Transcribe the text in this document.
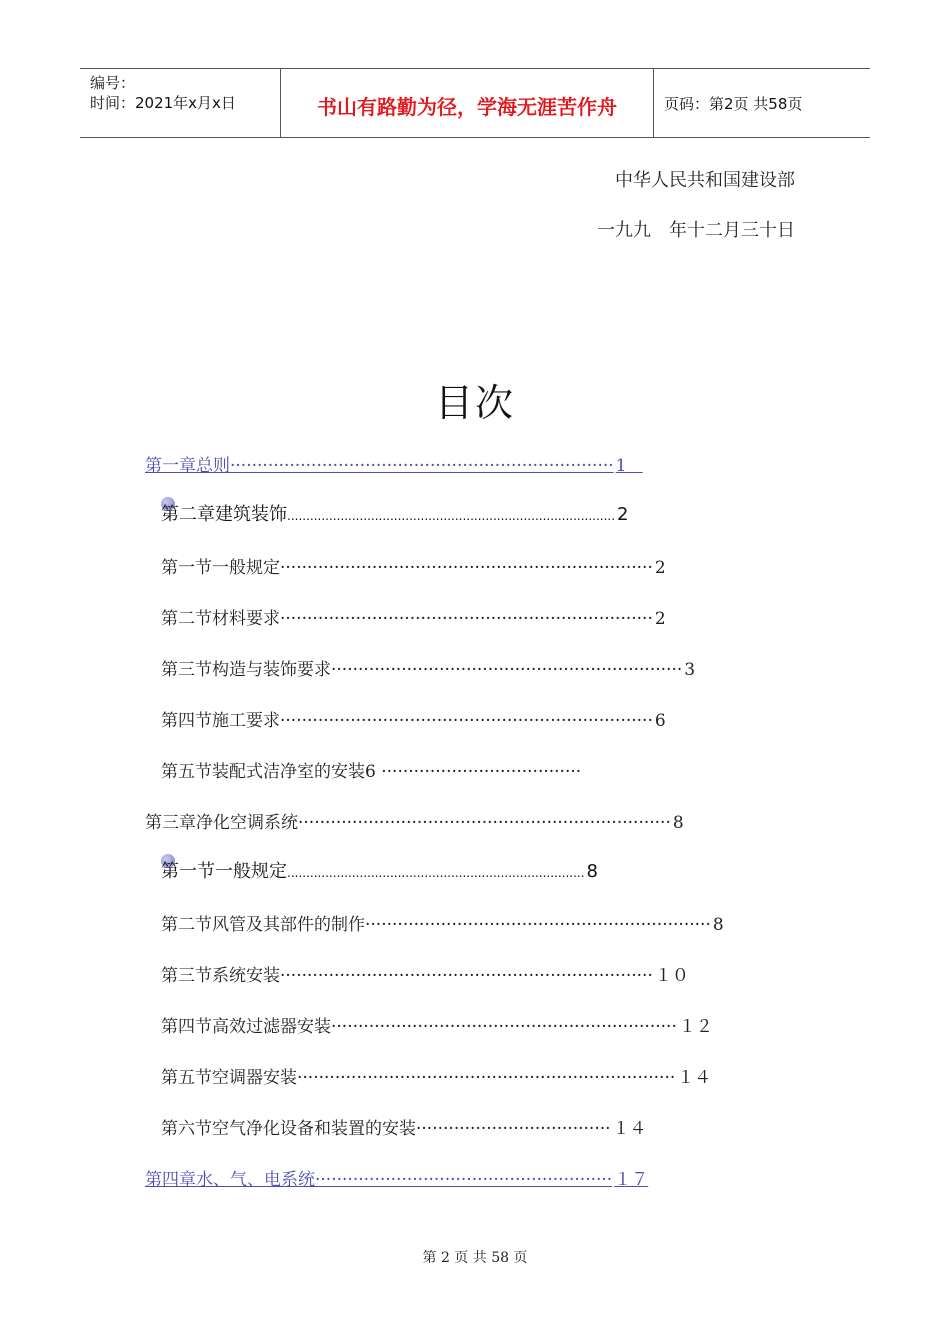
编号：
时间：2021年x月x日	书山有路勤为径，学海无涯苦作舟	页码：第2页 共58页
中华人民共和国建设部
一九九　年十二月三十日
目次
第一章总则······································································· 1
第二章建筑装饰...................................................................................... 2
第一节一般规定····································································· 2
第二节材料要求····································································· 2
第三节构造与装饰要求································································· 3
第四节施工要求····································································· 6
第五节装配式洁净室的安装6 ·····································
第三章净化空调系统····································································· 8
第一节一般规定.............................................................................. 8
第二节风管及其部件的制作································································ 8
第三节系统安装····································································· １０
第四节高效过滤器安装································································ １２
第五节空调器安装······································································ １４
第六节空气净化设备和装置的安装···································· １４
第四章水、气、电系统······················································· １７
第 2 页 共 58 页
